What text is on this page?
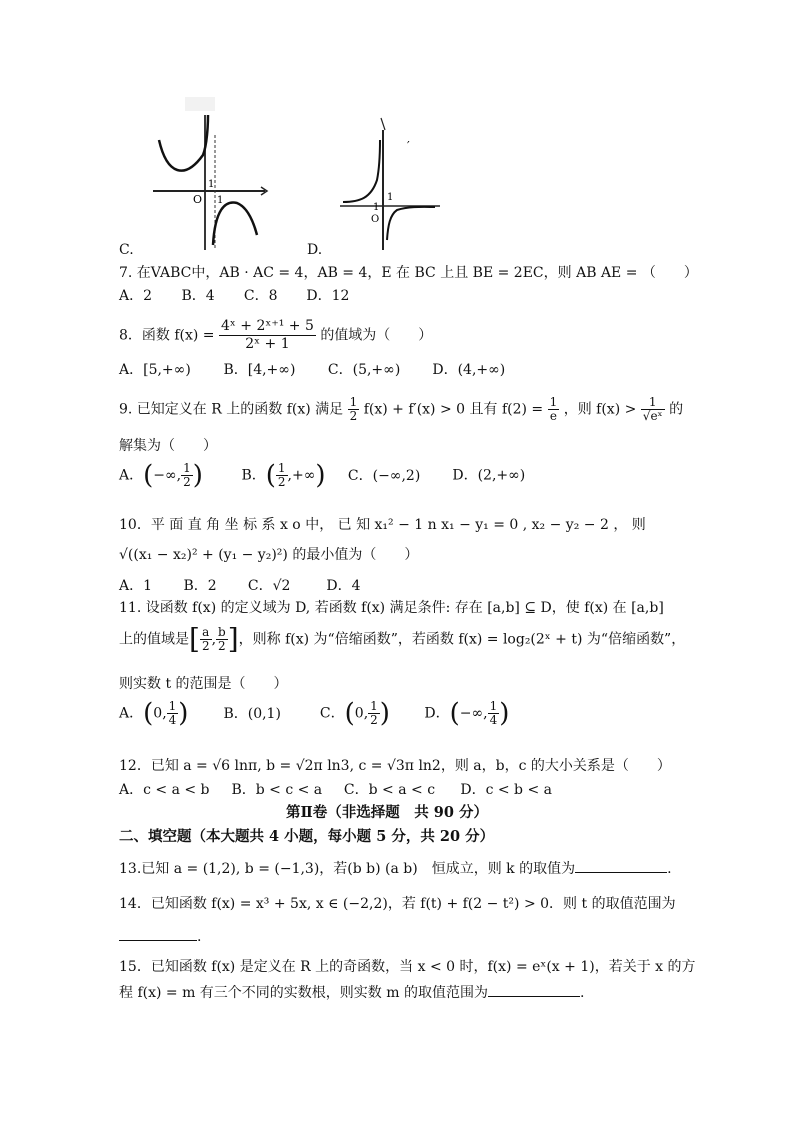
O
1
1
1
1
O
′
C.	D.
7. 在VABC中，AB · AC = 4，AB = 4，E 在 BC 上且 BE = 2EC，则 AB AE = （　　）
A．2 B．4 C．8 D．12
8．函数 $f(x) = \frac{\text{4ˣ + 2ˣ⁺¹ + 5}}{\text{2ˣ + 1}}$ 的值域为（　　）
A．[5,+∞) B．[4,+∞) C．(5,+∞) D．(4,+∞)
9. 已知定义在 R 上的函数 f(x) 满足 $\frac{1}{2} f(x) + f'(x) > 0$ 且有 $f(2) = \frac{1}{e}$ ，则 $f(x) > \frac{1}{\text{√eˣ}}$ 的
解集为（　　）
A．(−∞, $\frac{1}{2}$ )	B．( $\frac{1}{2}$ ,+∞) C．(−∞,2) D．(2,+∞)
10．平 面 直 角 坐 标 系 x o 中， 已 知 x₁² − 1 n x₁ − y₁ = 0 , x₂ − y₂ − 2 ， 则
√((x₁ − x₂)² + (y₁ − y₂)²) 的最小值为（　　）
A．1 B．2 C．√2	D．4
11. 设函数 f(x) 的定义域为 D, 若函数 f(x) 满足条件: 存在 [a,b] ⊆ D，使 f(x) 在 [a,b]
上的值域是[ $\frac{a}{2}$ , $\frac{b}{2}$ ]，则称 f(x) 为“倍缩函数”，若函数 f(x) = log₂(2ˣ + t) 为“倍缩函数”，
则实数 t 的范围是（　　）
A．(0, $\frac{1}{4}$ )	B．(0,1)	C．(0, $\frac{1}{2}$ ) D．(−∞, $\frac{1}{4}$ )
12．已知 a = √6 lnπ, b = √2π ln3, c = √3π ln2，则 a，b，c 的大小关系是（　　）
A．c < a < b B．b < c < a C．b < a < c D．c < b < a
第Ⅱ卷（非选择题　共 90 分）
二、填空题（本大题共 4 小题，每小题 5 分，共 20 分）
13.已知 a = (1,2), b = (−1,3)，若(b b) (a b)　恒成立，则 k 的取值为	.
14．已知函数 f(x) = x³ + 5x, x ∈ (−2,2)，若 f(t) + f(2 − t²) > 0．则 t 的取值范围为
.
15．已知函数 f(x) 是定义在 R 上的奇函数，当 x < 0 时，f(x) = eˣ(x + 1)，若关于 x 的方
程 f(x) = m 有三个不同的实数根，则实数 m 的取值范围为	.
